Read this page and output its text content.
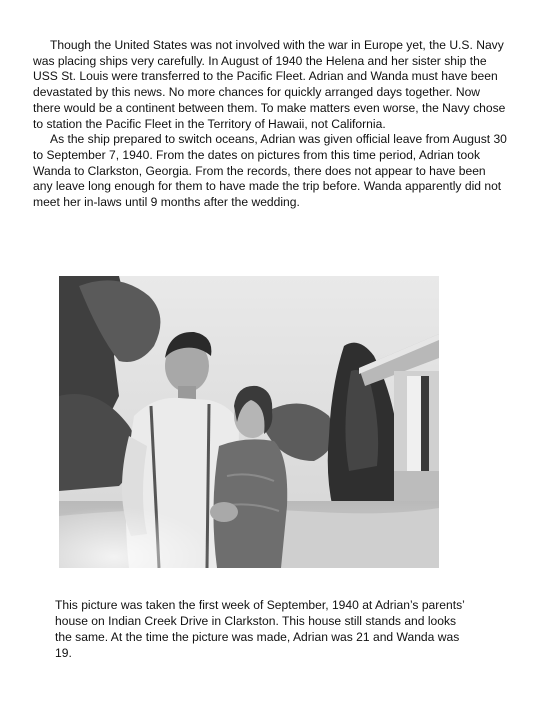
Though the United States was not involved with the war in Europe yet, the U.S. Navy was placing ships very carefully. In August of 1940 the Helena and her sister ship the USS St. Louis were transferred to the Pacific Fleet. Adrian and Wanda must have been devastated by this news. No more chances for quickly arranged days together. Now there would be a continent between them. To make matters even worse, the Navy chose to station the Pacific Fleet in the Territory of Hawaii, not California.

As the ship prepared to switch oceans, Adrian was given official leave from August 30 to September 7, 1940. From the dates on pictures from this time period, Adrian took Wanda to Clarkston, Georgia. From the records, there does not appear to have been any leave long enough for them to have made the trip before. Wanda apparently did not meet her in-laws until 9 months after the wedding.

This picture was taken the first week of September, 1940 at Adrian’s parents’ house on Indian Creek Drive in Clarkston. This house still stands and looks the same. At the time the picture was made, Adrian was 21 and Wanda was 19.
